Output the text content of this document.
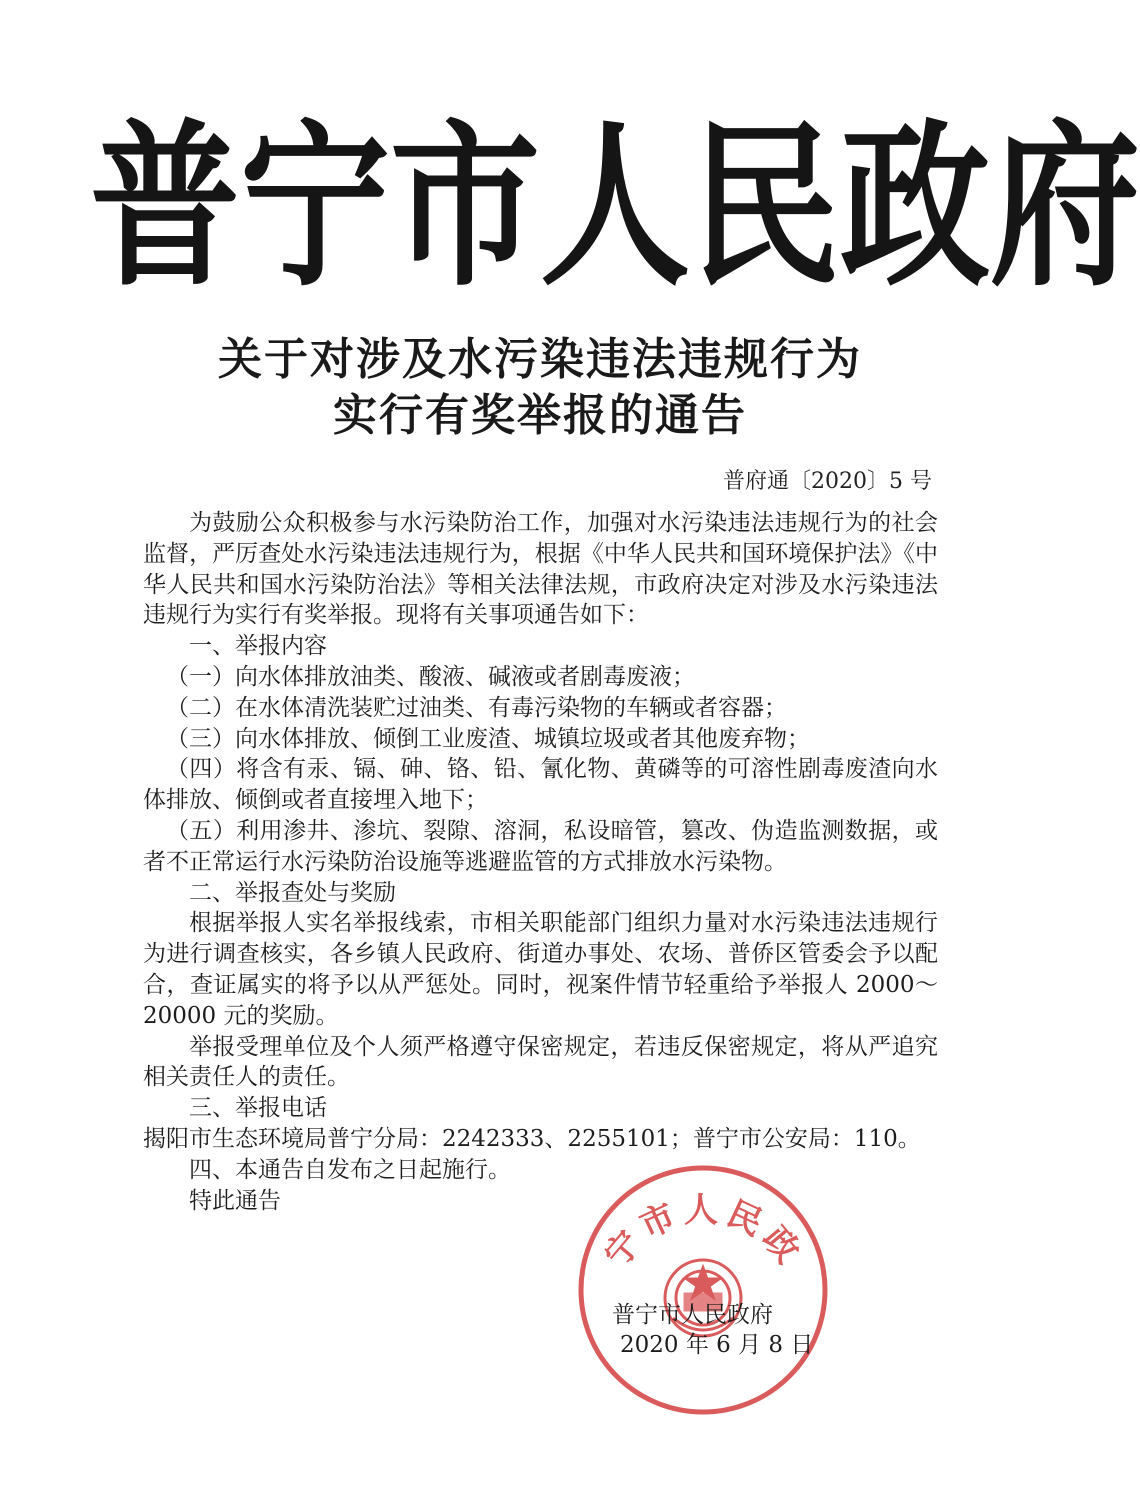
普 宁 市 人 民 政 府
关于对涉及水污染违法违规行为
实行有奖举报的通告
普府通〔2020〕5 号

为鼓励公众积极参与水污染防治工作，加强对水污染违法违规行为的社会监督，严厉查处水污染违法违规行为，根据《中华人民共和国环境保护法》《中华人民共和国水污染防治法》等相关法律法规，市政府决定对涉及水污染违法违规行为实行有奖举报。现将有关事项通告如下：

一、举报内容

（一）向水体排放油类、酸液、碱液或者剧毒废液；

（二）在水体清洗装贮过油类、有毒污染物的车辆或者容器；

（三）向水体排放、倾倒工业废渣、城镇垃圾或者其他废弃物；

（四）将含有汞、镉、砷、铬、铅、氰化物、黄磷等的可溶性剧毒废渣向水体排放、倾倒或者直接埋入地下；

（五）利用渗井、渗坑、裂隙、溶洞，私设暗管，篡改、伪造监测数据，或者不正常运行水污染防治设施等逃避监管的方式排放水污染物。

二、举报查处与奖励

根据举报人实名举报线索，市相关职能部门组织力量对水污染违法违规行为进行调查核实，各乡镇人民政府、街道办事处、农场、普侨区管委会予以配合，查证属实的将予以从严惩处。同时，视案件情节轻重给予举报人 2000～20000 元的奖励。

举报受理单位及个人须严格遵守保密规定，若违反保密规定，将从严追究相关责任人的责任。

三、举报电话

揭阳市生态环境局普宁分局：2242333、2255101；普宁市公安局：110。

四、本通告自发布之日起施行。

特此通告

宁市人民政
普宁市人民政府
2020 年 6 月 8 日
